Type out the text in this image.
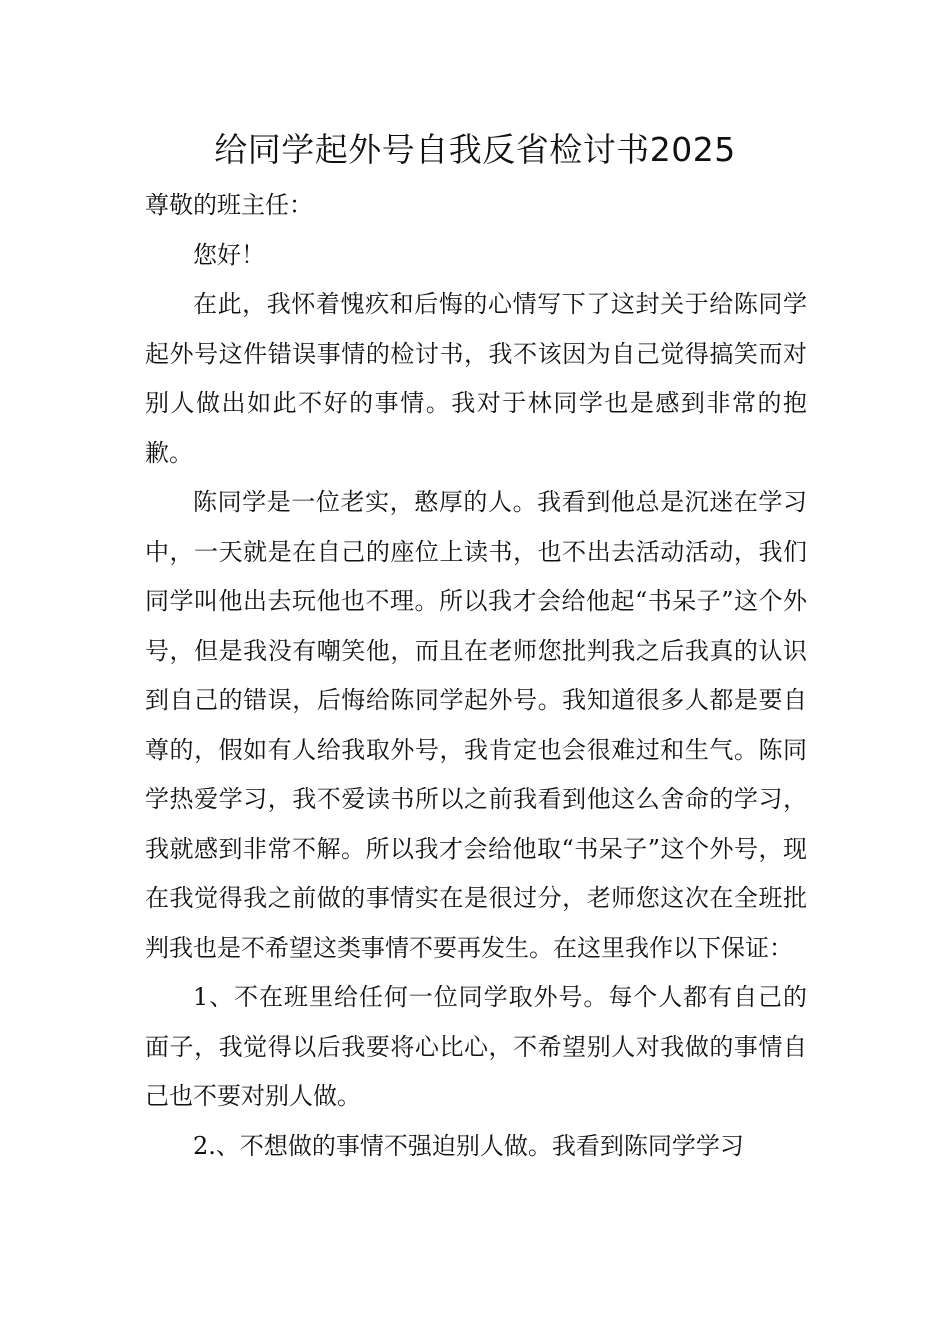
给同学起外号自我反省检讨书2025

尊敬的班主任：

您好！

在此，我怀着愧疚和后悔的心情写下了这封关于给陈同学起外号这件错误事情的检讨书，我不该因为自己觉得搞笑而对别人做出如此不好的事情。我对于林同学也是感到非常的抱歉。

陈同学是一位老实，憨厚的人。我看到他总是沉迷在学习中，一天就是在自己的座位上读书，也不出去活动活动，我们同学叫他出去玩他也不理。所以我才会给他起“书呆子”这个外号，但是我没有嘲笑他，而且在老师您批判我之后我真的认识到自己的错误，后悔给陈同学起外号。我知道很多人都是要自尊的，假如有人给我取外号，我肯定也会很难过和生气。陈同学热爱学习，我不爱读书所以之前我看到他这么舍命的学习，我就感到非常不解。所以我才会给他取“书呆子”这个外号，现在我觉得我之前做的事情实在是很过分，老师您这次在全班批判我也是不希望这类事情不要再发生。在这里我作以下保证：

1、不在班里给任何一位同学取外号。每个人都有自己的面子，我觉得以后我要将心比心，不希望别人对我做的事情自己也不要对别人做。

2.、不想做的事情不强迫别人做。我看到陈同学学习
